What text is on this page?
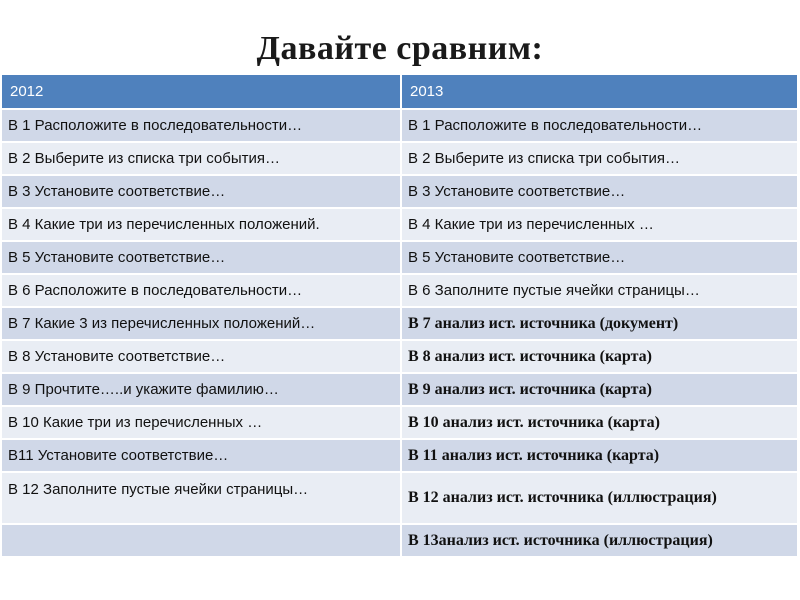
Давайте сравним:
2012	2013
В 1 Расположите в последовательности…	В 1 Расположите в последовательности…
В 2 Выберите из списка три события…	В 2 Выберите из списка три события…
В 3 Установите соответствие…	В 3 Установите соответствие…
В 4 Какие три из перечисленных положений.	В 4 Какие три из перечисленных …
В 5 Установите соответствие…	В 5 Установите соответствие…
В 6 Расположите в последовательности…	В 6 Заполните пустые ячейки страницы…
В 7 Какие 3 из перечисленных положений…	В 7 анализ ист. источника (документ)
В 8 Установите соответствие…	В 8 анализ ист. источника (карта)
В 9 Прочтите…..и укажите фамилию…	В 9 анализ ист. источника (карта)
В 10 Какие три из перечисленных …	В 10 анализ ист. источника (карта)
В11 Установите соответствие…	В 11 анализ ист. источника (карта)
В 12 Заполните пустые ячейки страницы…	В 12 анализ ист. источника (иллюстрация)
	В 13анализ ист. источника (иллюстрация)
